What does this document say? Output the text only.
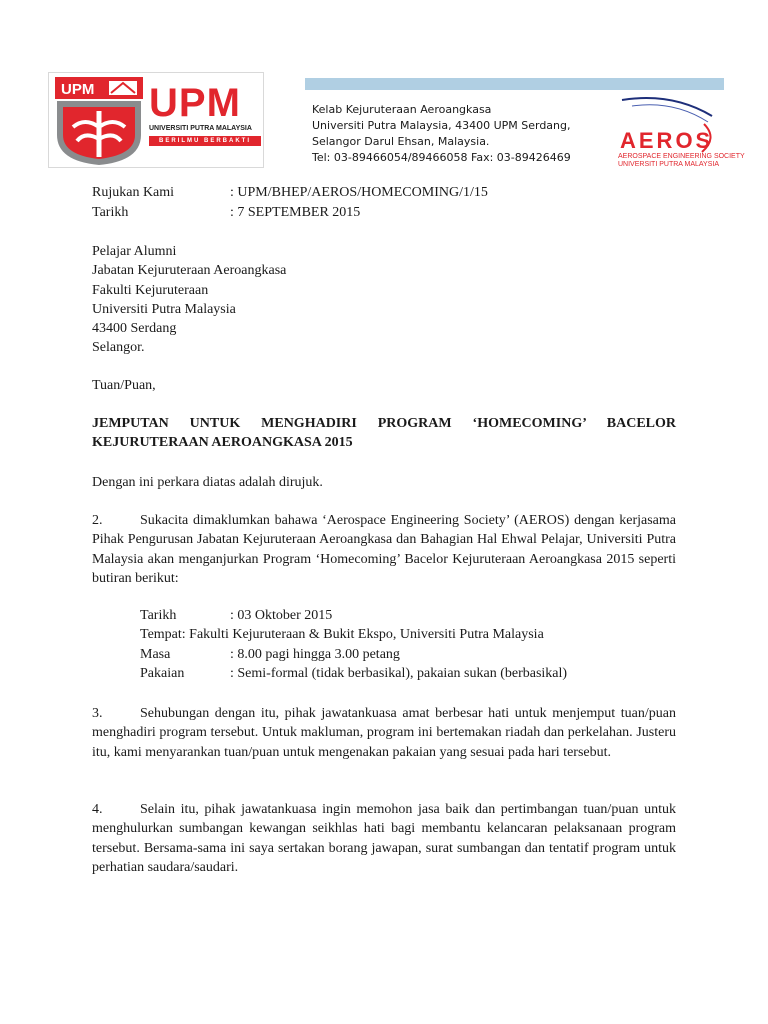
UPM UPM
UNIVERSITI PUTRA MALAYSIA
BERILMU BERBAKTI
Kelab Kejuruteraan Aeroangkasa
Universiti Putra Malaysia, 43400 UPM Serdang,
Selangor Darul Ehsan, Malaysia.
Tel: 03-89466054/89466058 Fax: 03-89426469
AEROS
AEROSPACE ENGINEERING SOCIETY
UNIVERSITI PUTRA MALAYSIA
Rujukan Kami	: UPM/BHEP/AEROS/HOMECOMING/1/15
Tarikh	: 7 SEPTEMBER 2015
Pelajar Alumni
Jabatan Kejuruteraan Aeroangkasa
Fakulti Kejuruteraan
Universiti Putra Malaysia
43400 Serdang
Selangor.
Tuan/Puan,
JEMPUTAN UNTUK MENGHADIRI PROGRAM ‘HOMECOMING’ BACELOR KEJURUTERAAN AEROANGKASA 2015
Dengan ini perkara diatas adalah dirujuk.
2.	Sukacita dimaklumkan bahawa ‘Aerospace Engineering Society’ (AEROS) dengan kerjasama Pihak Pengurusan Jabatan Kejuruteraan Aeroangkasa dan Bahagian Hal Ehwal Pelajar, Universiti Putra Malaysia akan menganjurkan Program ‘Homecoming’ Bacelor Kejuruteraan Aeroangkasa 2015 seperti butiran berikut:
Tarikh	: 03 Oktober 2015
Tempat: Fakulti Kejuruteraan & Bukit Ekspo, Universiti Putra Malaysia
Masa	: 8.00 pagi hingga 3.00 petang
Pakaian	: Semi-formal (tidak berbasikal), pakaian sukan (berbasikal)
3.	Sehubungan dengan itu, pihak jawatankuasa amat berbesar hati untuk menjemput tuan/puan menghadiri program tersebut. Untuk makluman, program ini bertemakan riadah dan perkelahan. Justeru itu, kami menyarankan tuan/puan untuk mengenakan pakaian yang sesuai pada hari tersebut.
4.	Selain itu, pihak jawatankuasa ingin memohon jasa baik dan pertimbangan tuan/puan untuk menghulurkan sumbangan kewangan seikhlas hati bagi membantu kelancaran pelaksanaan program tersebut. Bersama-sama ini saya sertakan borang jawapan, surat sumbangan dan tentatif program untuk perhatian saudara/saudari.
